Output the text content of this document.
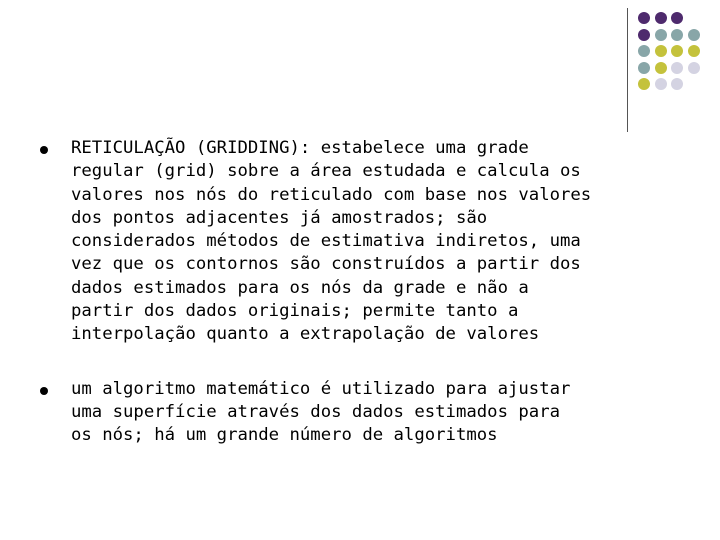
RETICULAÇÃO (GRIDDING): estabelece uma grade
regular (grid) sobre a área estudada e calcula os
valores nos nós do reticulado com base nos valores
dos pontos adjacentes já amostrados; são
considerados métodos de estimativa indiretos, uma
vez que os contornos são construídos a partir dos
dados estimados para os nós da grade e não a
partir dos dados originais; permite tanto a
interpolação quanto a extrapolação de valores
um algoritmo matemático é utilizado para ajustar
uma superfície através dos dados estimados para
os nós; há um grande número de algoritmos
